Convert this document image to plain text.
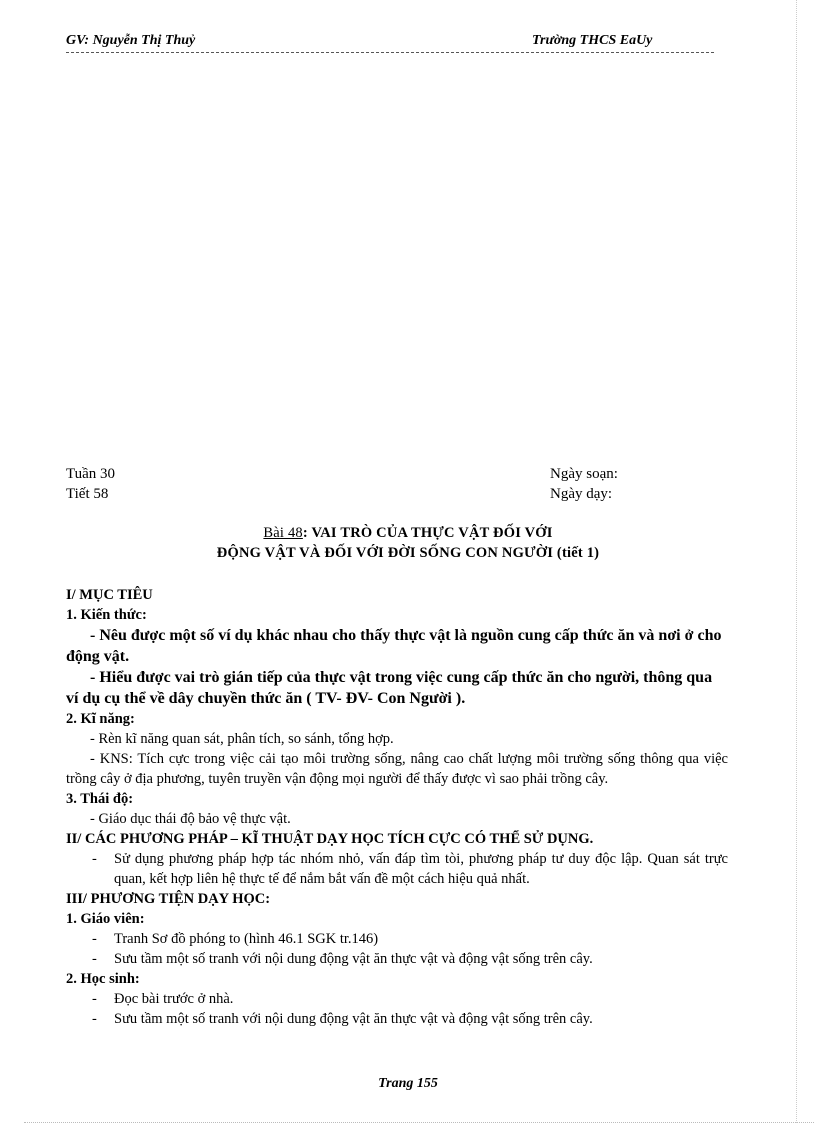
GV: Nguyễn Thị Thuỷ	Trường THCS EaUy
Tuần 30
Tiết 58
Ngày soạn:
Ngày dạy:
Bài 48: VAI TRÒ CỦA THỰC VẬT ĐỐI VỚI
ĐỘNG VẬT VÀ ĐỐI VỚI ĐỜI SỐNG CON NGƯỜI (tiết 1)
I/ MỤC TIÊU
1. Kiến thức:
- Nêu được một số ví dụ khác nhau cho thấy thực vật là nguồn cung cấp thức ăn và nơi ở cho động vật.
- Hiểu được vai trò gián tiếp của thực vật trong việc cung cấp thức ăn cho người, thông qua ví dụ cụ thể về dây chuyền thức ăn ( TV- ĐV- Con Người ).
2. Kĩ năng:
- Rèn kĩ năng quan sát, phân tích, so sánh, tổng hợp.
- KNS: Tích cực trong việc cải tạo môi trường sống, nâng cao chất lượng môi trường sống thông qua việc trồng cây ở địa phương, tuyên truyền vận động mọi người để thấy được vì sao phải trồng cây.
3. Thái độ:
- Giáo dục thái độ bảo vệ thực vật.
II/ CÁC PHƯƠNG PHÁP – KĨ THUẬT DẠY HỌC TÍCH CỰC CÓ THỂ SỬ DỤNG.
- Sử dụng phương pháp hợp tác nhóm nhỏ, vấn đáp tìm tòi, phương pháp tư duy độc lập. Quan sát trực quan, kết hợp liên hệ thực tế để nắm bắt vấn đề một cách hiệu quả nhất.
III/ PHƯƠNG TIỆN DẠY HỌC:
1. Giáo viên:
- Tranh Sơ đồ phóng to (hình 46.1 SGK tr.146)
- Sưu tầm một số tranh với nội dung động vật ăn thực vật và động vật sống trên cây.
2. Học sinh:
- Đọc bài trước ở nhà.
- Sưu tầm một số tranh với nội dung động vật ăn thực vật và động vật sống trên cây.
Trang 155
